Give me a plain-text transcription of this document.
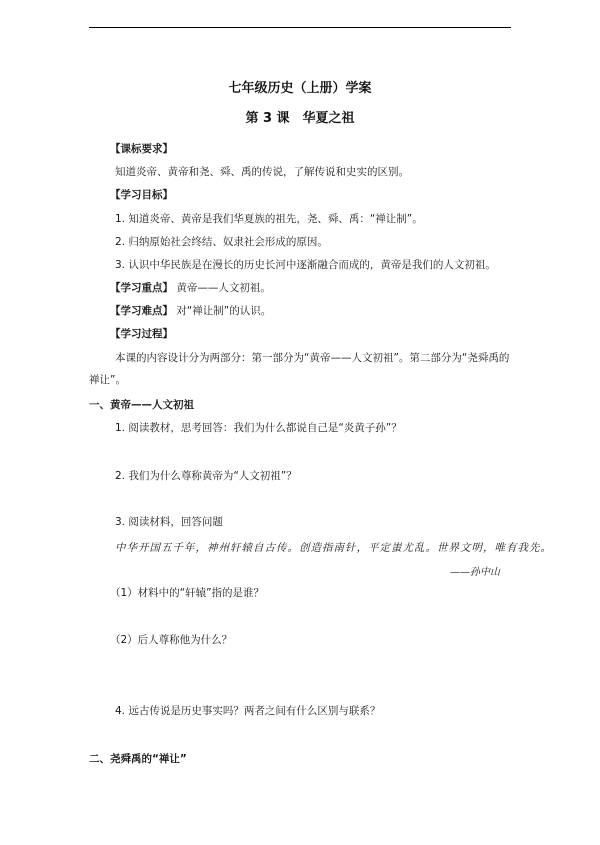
七年级历史（上册）学案
第 3 课　华夏之祖
【课标要求】
知道炎帝、黄帝和尧、舜、禹的传说，了解传说和史实的区别。
【学习目标】
1. 知道炎帝、黄帝是我们华夏族的祖先，尧、舜、禹：“禅让制”。
2. 归纳原始社会终结、奴隶社会形成的原因。
3. 认识中华民族是在漫长的历史长河中逐渐融合而成的，黄帝是我们的人文初祖。
【学习重点】 黄帝——人文初祖。
【学习难点】 对“禅让制”的认识。
【学习过程】
本课的内容设计分为两部分：第一部分为“黄帝——人文初祖”。第二部分为“尧舜禹的
禅让”。
一、黄帝——人文初祖
1. 阅读教材，思考回答：我们为什么都说自己是“炎黄子孙”？
2. 我们为什么尊称黄帝为“人文初祖”？
3. 阅读材料，回答问题
中华开国五千年，神州轩辕自古传。创造指南针，平定蚩尤乱。世界文明，唯有我先。
——孙中山
（1）材料中的“轩辕”指的是谁？
（2）后人尊称他为什么？
4. 远古传说是历史事实吗？两者之间有什么区别与联系？
二、尧舜禹的“禅让”
